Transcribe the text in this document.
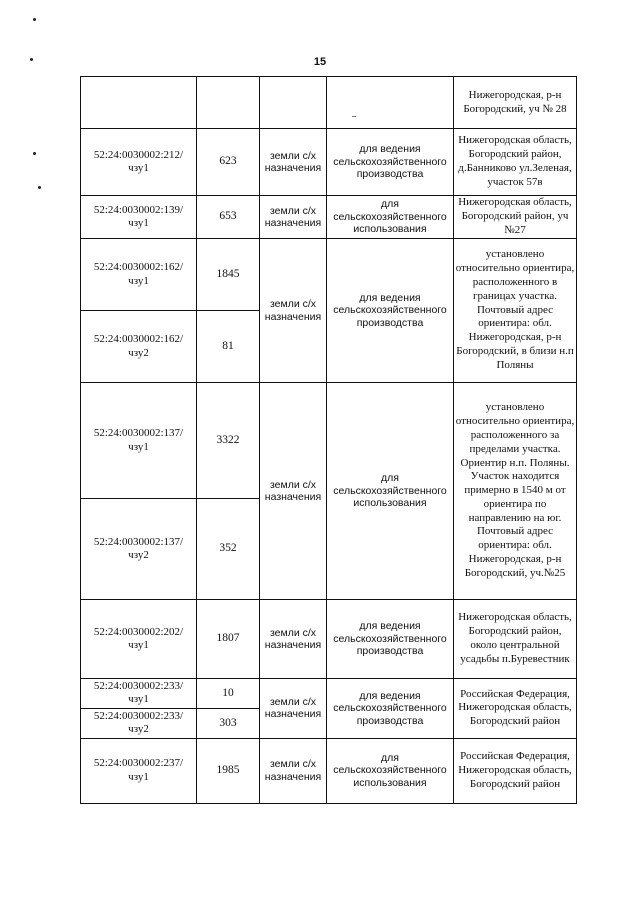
15
				Нижегородская, р-н Богородский, уч № 28
52:24:0030002:212/ чзу1	623	земли с/х назначения	для ведения сельскохозяйственного производства	Нижегородская область, Богородский район, д.Банниково ул.Зеленая, участок 57в
52:24:0030002:139/ чзу1	653	земли с/х назначения	для сельскохозяйственного использования	Нижегородская область, Богородский район, уч №27
52:24:0030002:162/ чзу1	1845	земли с/х назначения	для ведения сельскохозяйственного производства	установлено относительно ориентира, расположенного в границах участка. Почтовый адрес ориентира: обл. Нижегородская, р-н Богородский, в близи н.п Поляны
52:24:0030002:162/ чзу2	81			
52:24:0030002:137/ чзу1	3322	земли с/х назначения	для сельскохозяйственного использования	установлено относительно ориентира, расположенного за пределами участка. Ориентир н.п. Поляны. Участок находится примерно в 1540 м от ориентира по направлению на юг. Почтовый адрес ориентира: обл. Нижегородская, р-н Богородский, уч.№25
52:24:0030002:137/ чзу2	352			
52:24:0030002:202/ чзу1	1807	земли с/х назначения	для ведения сельскохозяйственного производства	Нижегородская область, Богородский район, около центральной усадьбы п.Буревестник
52:24:0030002:233/ чзу1	10	земли с/х назначения	для ведения сельскохозяйственного производства	Российская Федерация, Нижегородская область, Богородский район
52:24:0030002:233/ чзу2	303			
52:24:0030002:237/ чзу1	1985	земли с/х назначения	для сельскохозяйственного использования	Российская Федерация, Нижегородская область, Богородский район
